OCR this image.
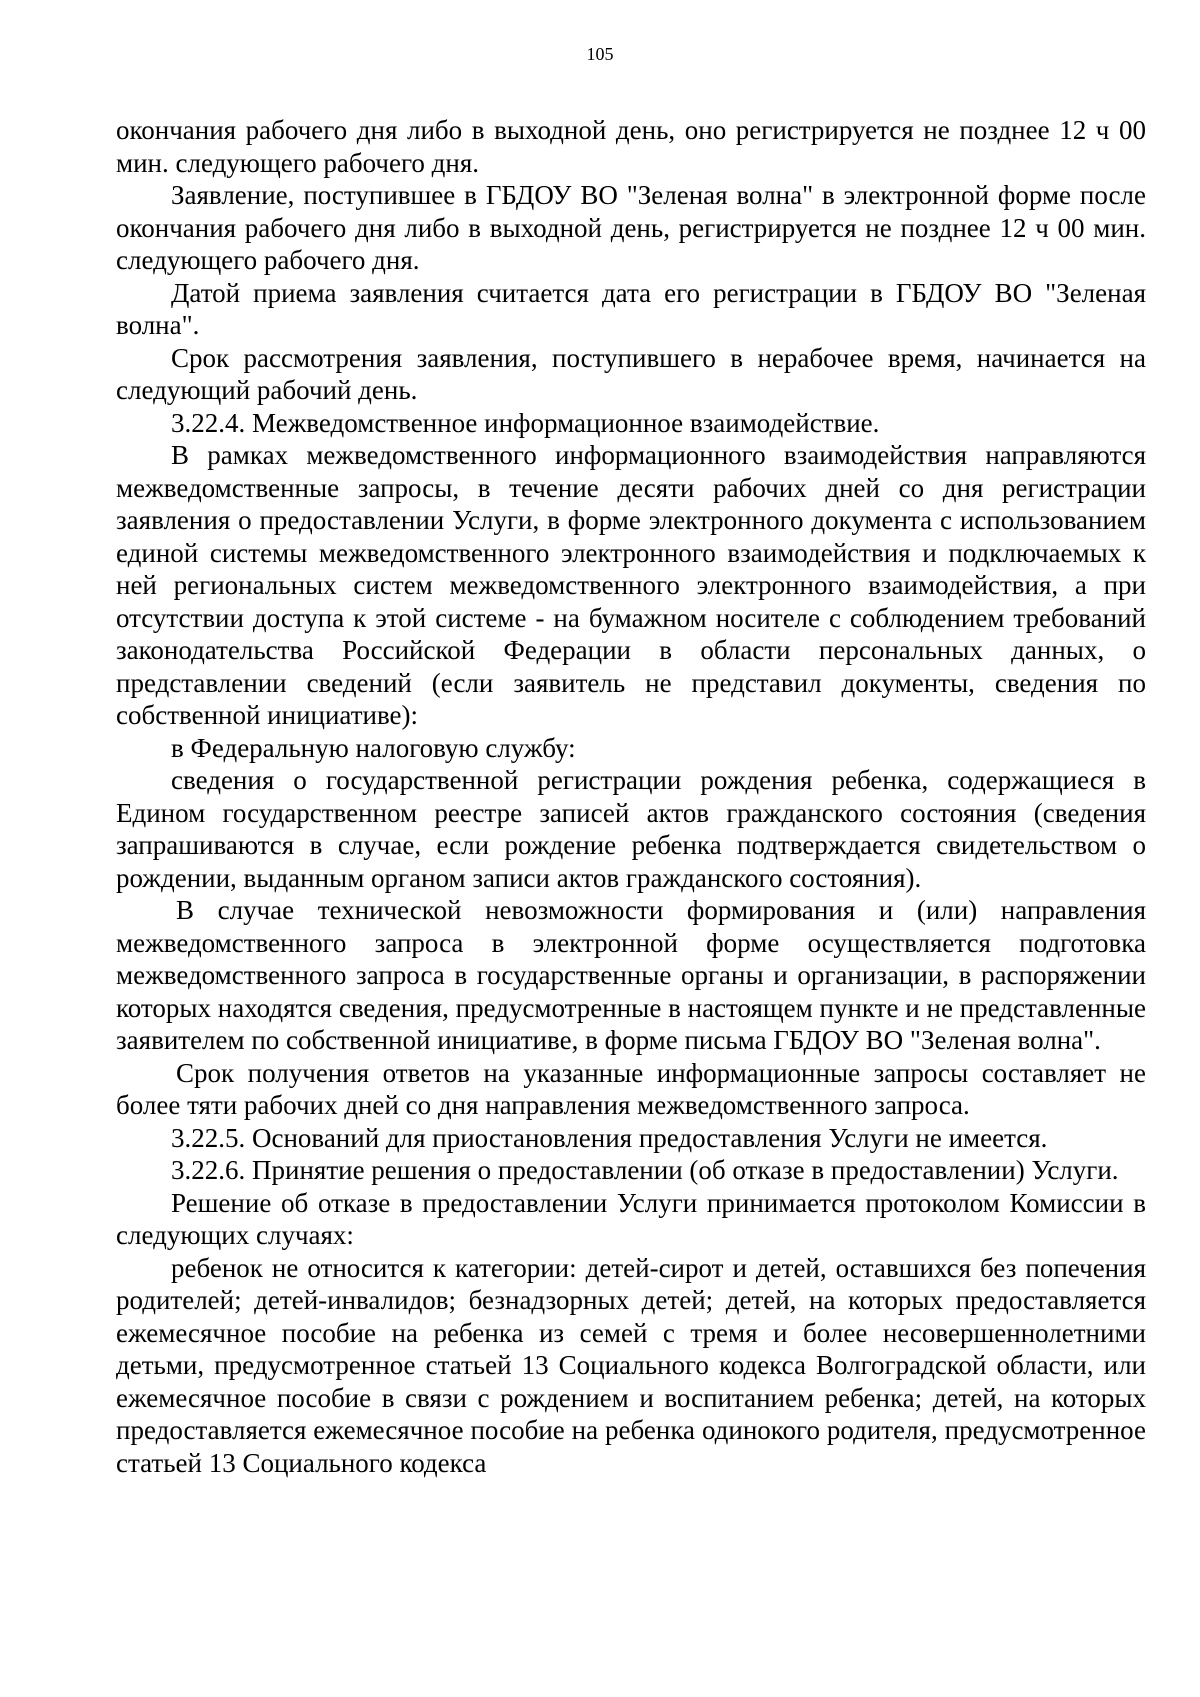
105

окончания рабочего дня либо в выходной день, оно регистрируется не позднее 12 ч 00 мин. следующего рабочего дня.

Заявление, поступившее в ГБДОУ ВО "Зеленая волна" в электронной форме после окончания рабочего дня либо в выходной день, регистрируется не позднее 12 ч 00 мин. следующего рабочего дня.

Датой приема заявления считается дата его регистрации в ГБДОУ ВО "Зеленая волна".

Срок рассмотрения заявления, поступившего в нерабочее время, начинается на следующий рабочий день.

3.22.4. Межведомственное информационное взаимодействие.

В рамках межведомственного информационного взаимодействия направляются межведомственные запросы, в течение десяти рабочих дней со дня регистрации заявления о предоставлении Услуги, в форме электронного документа с использованием единой системы межведомственного электронного взаимодействия и подключаемых к ней региональных систем межведомственного электронного взаимодействия, а при отсутствии доступа к этой системе - на бумажном носителе с соблюдением требований законодательства Российской Федерации в области персональных данных, о представлении сведений (если заявитель не представил документы, сведения по собственной инициативе):

в Федеральную налоговую службу:

сведения о государственной регистрации рождения ребенка, содержащиеся в Едином государственном реестре записей актов гражданского состояния (сведения запрашиваются в случае, если рождение ребенка подтверждается свидетельством о рождении, выданным органом записи актов гражданского состояния).

В случае технической невозможности формирования и (или) направления межведомственного запроса в электронной форме осуществляется подготовка межведомственного запроса в государственные органы и организации, в распоряжении которых находятся сведения, предусмотренные в настоящем пункте и не представленные заявителем по собственной инициативе, в форме письма ГБДОУ ВО "Зеленая волна".

Срок получения ответов на указанные информационные запросы составляет не более тяти рабочих дней со дня направления межведомственного запроса.

3.22.5. Оснований для приостановления предоставления Услуги не имеется.

3.22.6. Принятие решения о предоставлении (об отказе в предоставлении) Услуги.

Решение об отказе в предоставлении Услуги принимается протоколом Комиссии в следующих случаях:

ребенок не относится к категории: детей-сирот и детей, оставшихся без попечения родителей; детей-инвалидов; безнадзорных детей; детей, на которых предоставляется ежемесячное пособие на ребенка из семей с тремя и более несовершеннолетними детьми, предусмотренное статьей 13 Социального кодекса Волгоградской области, или ежемесячное пособие в связи с рождением и воспитанием ребенка; детей, на которых предоставляется ежемесячное пособие на ребенка одинокого родителя, предусмотренное статьей 13 Социального кодекса
